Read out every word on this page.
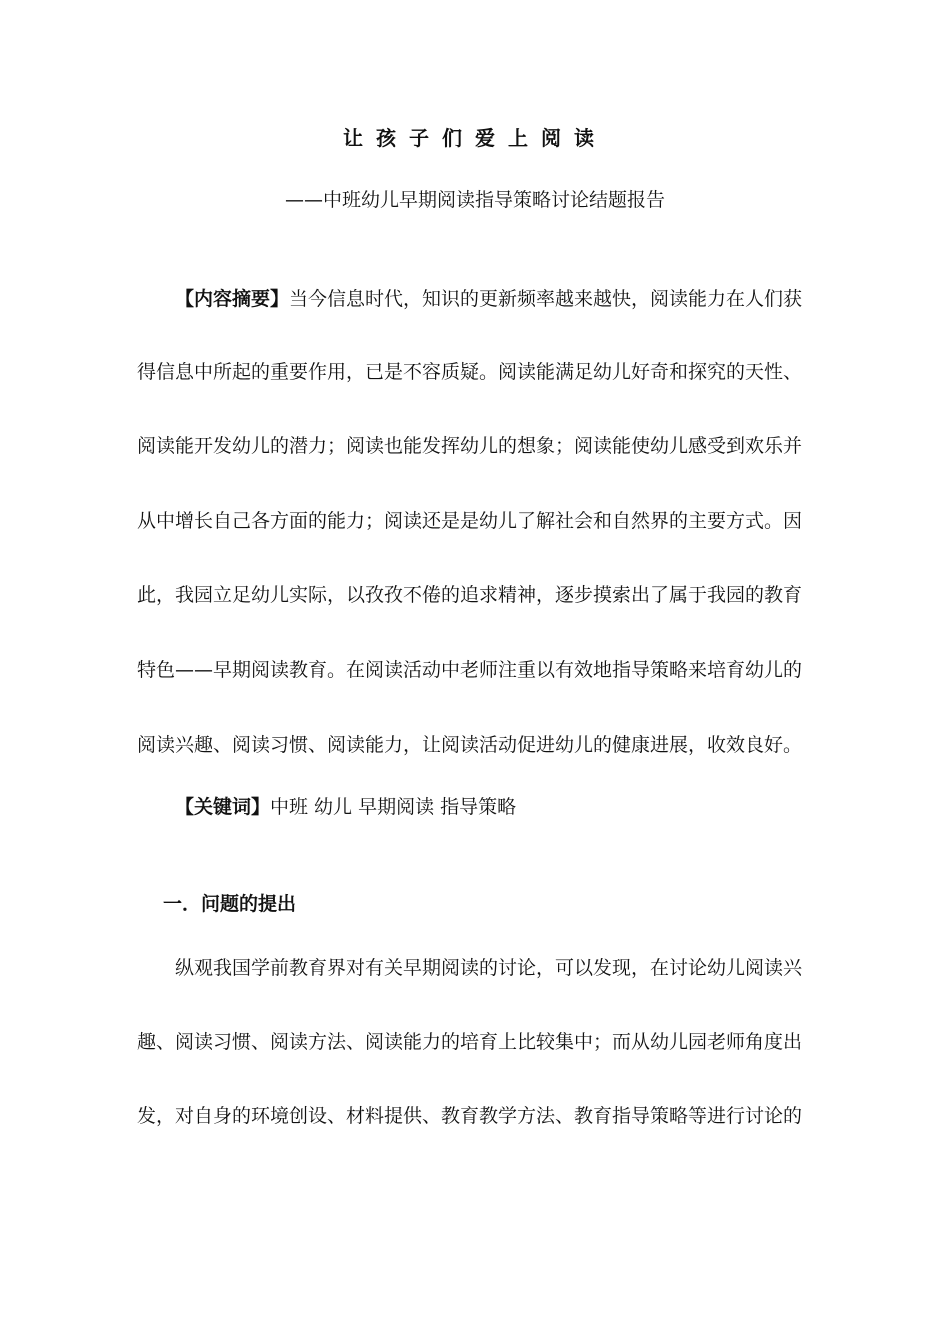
让孩子们爱上阅读
——中班幼儿早期阅读指导策略讨论结题报告
【内容摘要】当今信息时代，知识的更新频率越来越快，阅读能力在人们获
得信息中所起的重要作用，已是不容质疑。阅读能满足幼儿好奇和探究的天性、
阅读能开发幼儿的潜力；阅读也能发挥幼儿的想象；阅读能使幼儿感受到欢乐并
从中增长自己各方面的能力；阅读还是是幼儿了解社会和自然界的主要方式。因
此，我园立足幼儿实际，以孜孜不倦的追求精神，逐步摸索出了属于我园的教育
特色——早期阅读教育。在阅读活动中老师注重以有效地指导策略来培育幼儿的
阅读兴趣、阅读习惯、阅读能力，让阅读活动促进幼儿的健康进展，收效良好。
【关键词】中班 幼儿 早期阅读 指导策略
一．问题的提出
纵观我国学前教育界对有关早期阅读的讨论，可以发现，在讨论幼儿阅读兴
趣、阅读习惯、阅读方法、阅读能力的培育上比较集中；而从幼儿园老师角度出
发，对自身的环境创设、材料提供、教育教学方法、教育指导策略等进行讨论的
